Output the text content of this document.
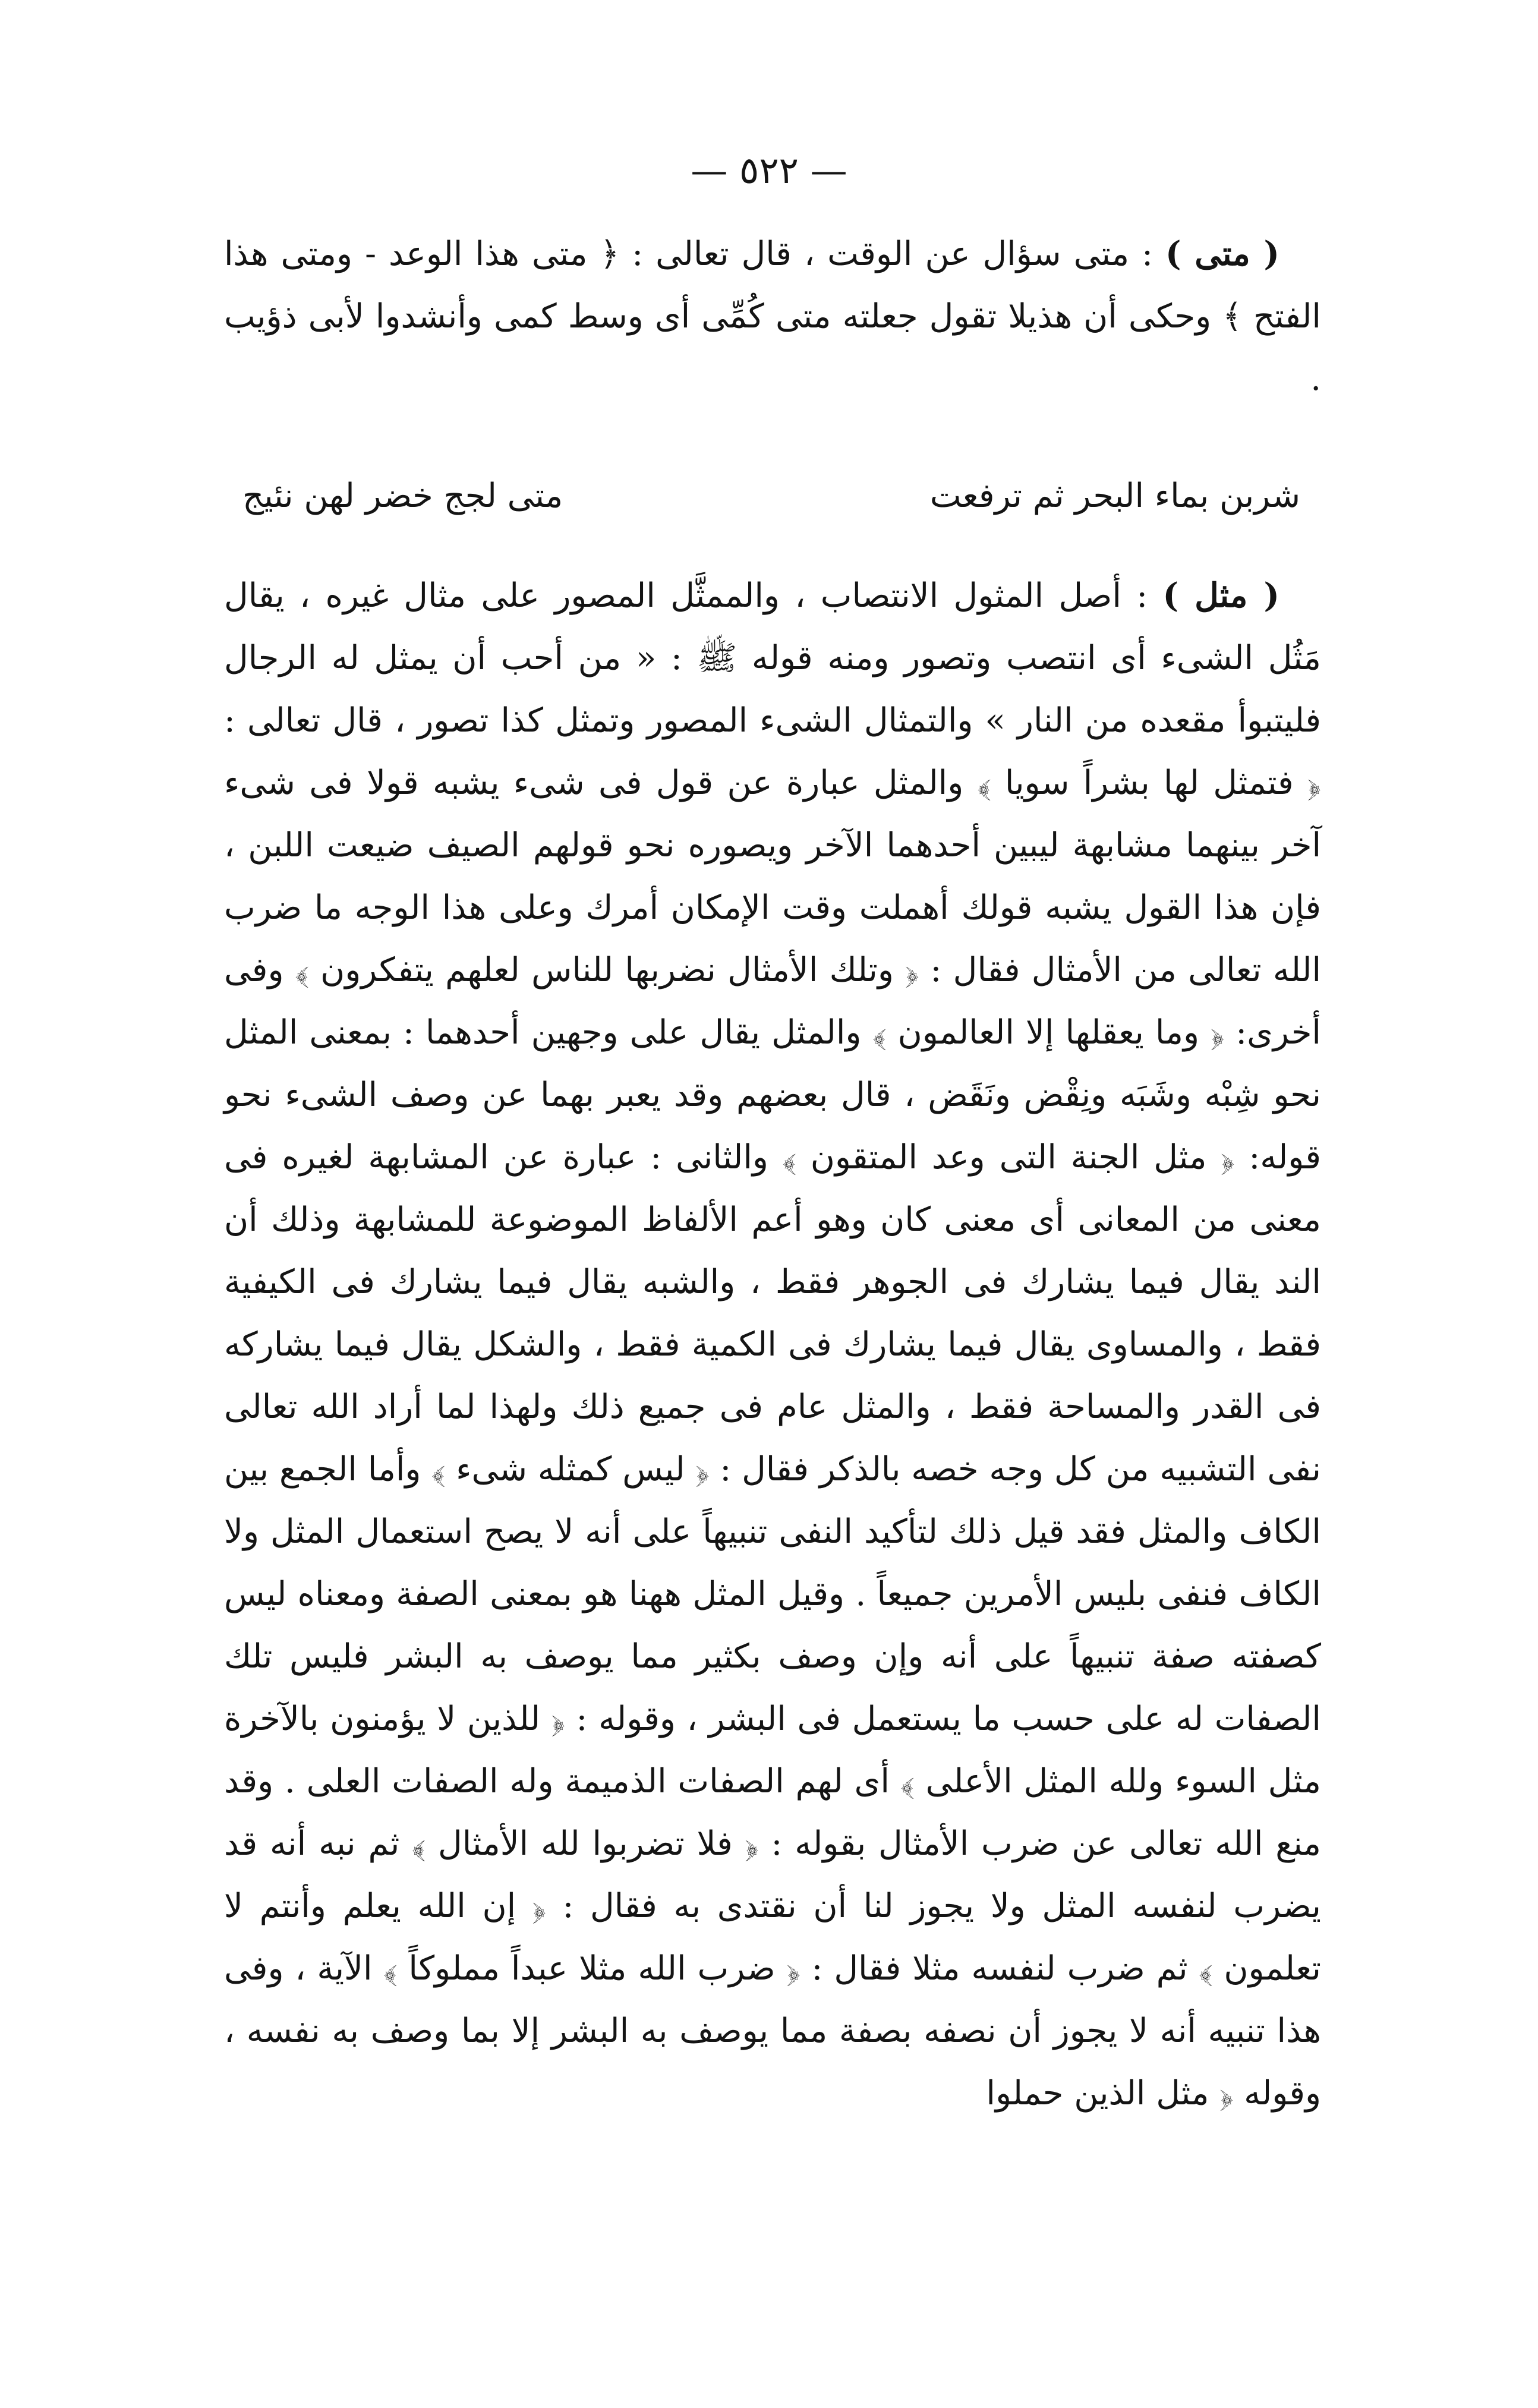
— ٥٢٢ —

( متى ) : متى سؤال عن الوقت ، قال تعالى : ﴿ متى هذا الوعد - ومتى هذا الفتح ﴾ وحكى أن هذيلا تقول جعلته متى كُمِّى أى وسط كمى وأنشدوا لأبى ذؤيب .

شربن بماء البحر ثم ترفعت
متى لجج خضر لهن نئيج

( مثل ) : أصل المثول الانتصاب ، والممثَّل المصور على مثال غيره ، يقال مَثُل الشىء أى انتصب وتصور ومنه قوله ﷺ : « من أحب أن يمثل له الرجال فليتبوأ مقعده من النار » والتمثال الشىء المصور وتمثل كذا تصور ، قال تعالى : ﴿ فتمثل لها بشراً سويا ﴾ والمثل عبارة عن قول فى شىء يشبه قولا فى شىء آخر بينهما مشابهة ليبين أحدهما الآخر ويصوره نحو قولهم الصيف ضيعت اللبن ، فإن هذا القول يشبه قولك أهملت وقت الإمكان أمرك وعلى هذا الوجه ما ضرب الله تعالى من الأمثال فقال : ﴿ وتلك الأمثال نضربها للناس لعلهم يتفكرون ﴾ وفى أخرى: ﴿ وما يعقلها إلا العالمون ﴾ والمثل يقال على وجهين أحدهما : بمعنى المثل نحو شِبْه وشَبَه ونِقْض ونَقَض ، قال بعضهم وقد يعبر بهما عن وصف الشىء نحو قوله: ﴿ مثل الجنة التى وعد المتقون ﴾ والثانى : عبارة عن المشابهة لغيره فى معنى من المعانى أى معنى كان وهو أعم الألفاظ الموضوعة للمشابهة وذلك أن الند يقال فيما يشارك فى الجوهر فقط ، والشبه يقال فيما يشارك فى الكيفية فقط ، والمساوى يقال فيما يشارك فى الكمية فقط ، والشكل يقال فيما يشاركه فى القدر والمساحة فقط ، والمثل عام فى جميع ذلك ولهذا لما أراد الله تعالى نفى التشبيه من كل وجه خصه بالذكر فقال : ﴿ ليس كمثله شىء ﴾ وأما الجمع بين الكاف والمثل فقد قيل ذلك لتأكيد النفى تنبيهاً على أنه لا يصح استعمال المثل ولا الكاف فنفى بليس الأمرين جميعاً . وقيل المثل ههنا هو بمعنى الصفة ومعناه ليس كصفته صفة تنبيهاً على أنه وإن وصف بكثير مما يوصف به البشر فليس تلك الصفات له على حسب ما يستعمل فى البشر ، وقوله : ﴿ للذين لا يؤمنون بالآخرة مثل السوء ولله المثل الأعلى ﴾ أى لهم الصفات الذميمة وله الصفات العلى . وقد منع الله تعالى عن ضرب الأمثال بقوله : ﴿ فلا تضربوا لله الأمثال ﴾ ثم نبه أنه قد يضرب لنفسه المثل ولا يجوز لنا أن نقتدى به فقال : ﴿ إن الله يعلم وأنتم لا تعلمون ﴾ ثم ضرب لنفسه مثلا فقال : ﴿ ضرب الله مثلا عبداً مملوكاً ﴾ الآية ، وفى هذا تنبيه أنه لا يجوز أن نصفه بصفة مما يوصف به البشر إلا بما وصف به نفسه ، وقوله ﴿ مثل الذين حملوا
